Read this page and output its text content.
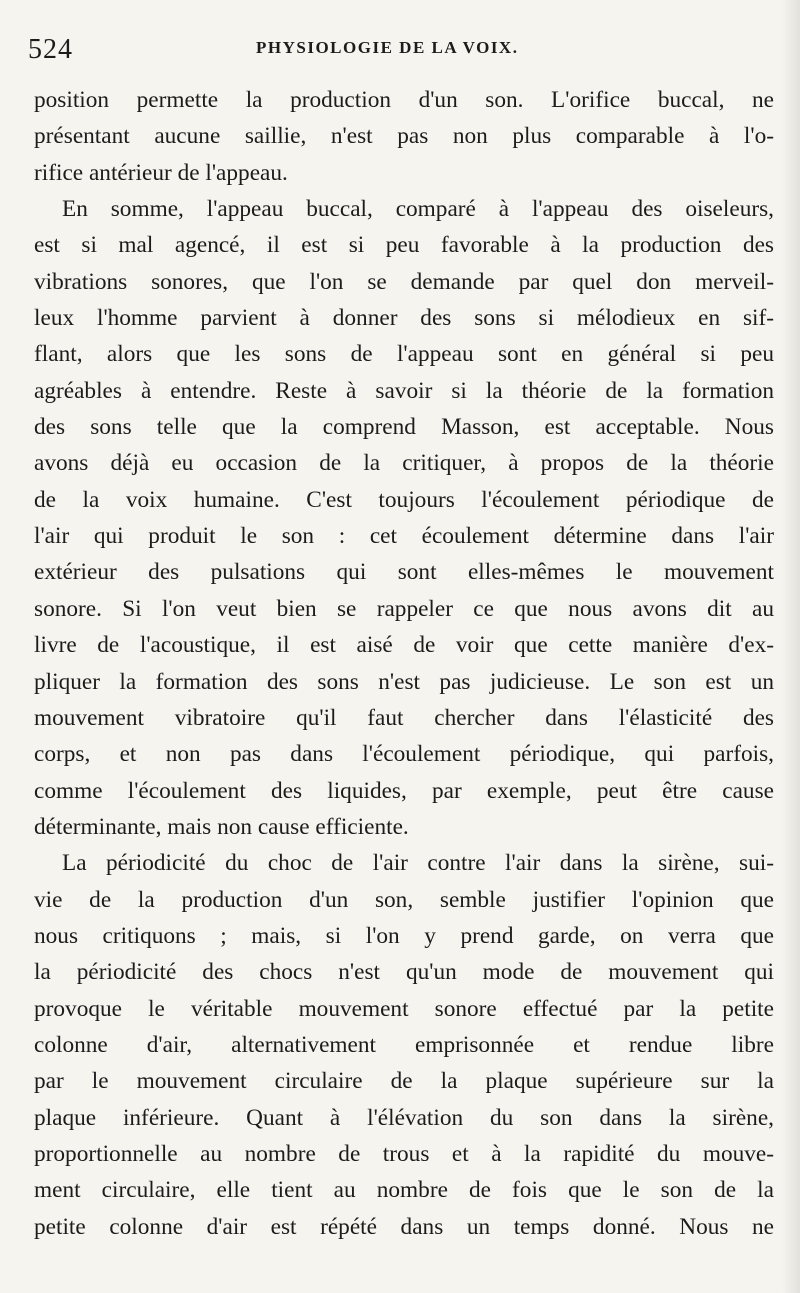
524	PHYSIOLOGIE DE LA VOIX.
position permette la production d'un son. L'orifice buccal, ne
présentant aucune saillie, n'est pas non plus comparable à l'o-
rifice antérieur de l'appeau.
En somme, l'appeau buccal, comparé à l'appeau des oiseleurs,
est si mal agencé, il est si peu favorable à la production des
vibrations sonores, que l'on se demande par quel don merveil-
leux l'homme parvient à donner des sons si mélodieux en sif-
flant, alors que les sons de l'appeau sont en général si peu
agréables à entendre. Reste à savoir si la théorie de la formation
des sons telle que la comprend Masson, est acceptable. Nous
avons déjà eu occasion de la critiquer, à propos de la théorie
de la voix humaine. C'est toujours l'écoulement périodique de
l'air qui produit le son : cet écoulement détermine dans l'air
extérieur des pulsations qui sont elles-mêmes le mouvement
sonore. Si l'on veut bien se rappeler ce que nous avons dit au
livre de l'acoustique, il est aisé de voir que cette manière d'ex-
pliquer la formation des sons n'est pas judicieuse. Le son est un
mouvement vibratoire qu'il faut chercher dans l'élasticité des
corps, et non pas dans l'écoulement périodique, qui parfois,
comme l'écoulement des liquides, par exemple, peut être cause
déterminante, mais non cause efficiente.
La périodicité du choc de l'air contre l'air dans la sirène, sui-
vie de la production d'un son, semble justifier l'opinion que
nous critiquons ; mais, si l'on y prend garde, on verra que
la périodicité des chocs n'est qu'un mode de mouvement qui
provoque le véritable mouvement sonore effectué par la petite
colonne d'air, alternativement emprisonnée et rendue libre
par le mouvement circulaire de la plaque supérieure sur la
plaque inférieure. Quant à l'élévation du son dans la sirène,
proportionnelle au nombre de trous et à la rapidité du mouve-
ment circulaire, elle tient au nombre de fois que le son de la
petite colonne d'air est répété dans un temps donné. Nous ne
